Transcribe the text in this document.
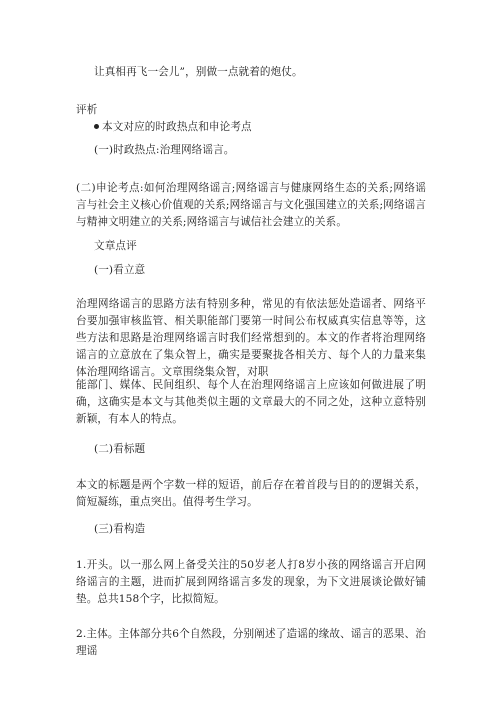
让真相再飞一会儿”，别做一点就着的炮仗。
评析
本文对应的时政热点和申论考点
(一)时政热点:治理网络谣言。
(二)申论考点:如何治理网络谣言;网络谣言与健康网络生态的关系;网络谣言与社会主义核心价值观的关系;网络谣言与文化强国建立的关系;网络谣言与精神文明建立的关系;网络谣言与诚信社会建立的关系。
文章点评
(一)看立意
治理网络谣言的思路方法有特别多种，常见的有依法惩处造谣者、网络平台要加强审核监管、相关职能部门要第一时间公布权威真实信息等等，这些方法和思路是治理网络谣言时我们经常想到的。本文的作者将治理网络谣言的立意放在了集众智上，确实是要聚拢各相关方、每个人的力量来集体治理网络谣言。文章围绕集众智，对职
能部门、媒体、民间组织、每个人在治理网络谣言上应该如何做进展了明确，这确实是本文与其他类似主题的文章最大的不同之处，这种立意特别新颖，有本人的特点。
(二)看标题
本文的标题是两个字数一样的短语，前后存在着首段与目的的逻辑关系，简短凝练，重点突出。值得考生学习。
(三)看构造
1.开头。以一那么网上备受关注的50岁老人打8岁小孩的网络谣言开启网络谣言的主题，进而扩展到网络谣言多发的现象，为下文进展谈论做好铺垫。总共158个字，比拟简短。
2.主体。主体部分共6个自然段，分别阐述了造谣的缘故、谣言的恶果、治理谣
